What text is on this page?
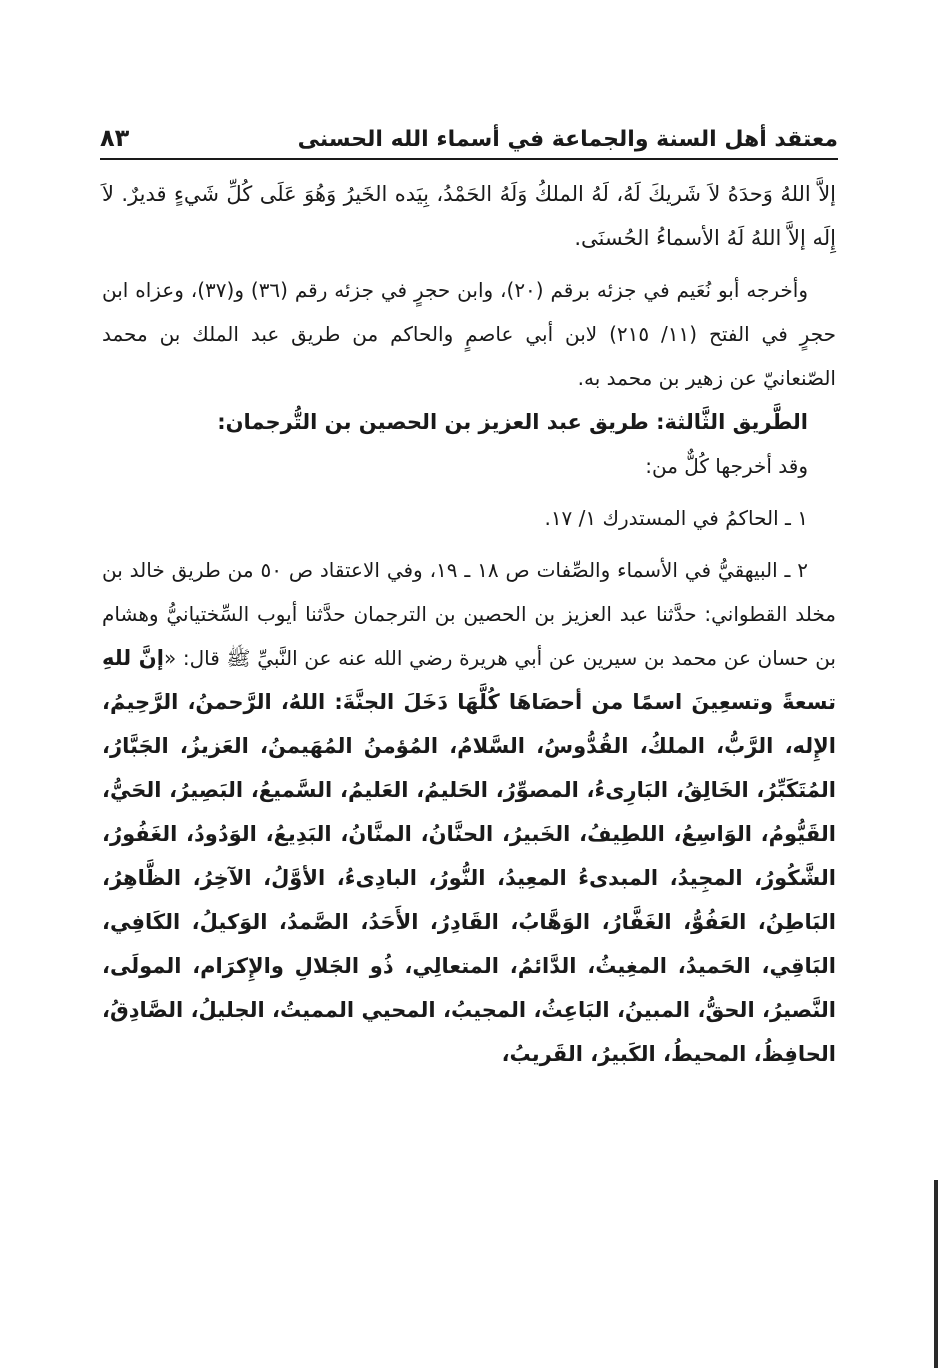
معتقد أهل السنة والجماعة في أسماء الله الحسنى
٨٣

إلاَّ اللهُ وَحدَهُ لاَ شَريكَ لَهُ، لَهُ الملكُ وَلَهُ الحَمْدُ، بِيَده الخَيرُ وَهُوَ عَلَى كُلِّ شَيءٍ قديرٌ. لاَ إِلَه إلاَّ اللهُ لَهُ الأسماءُ الحُسنَى.

وأخرجه أبو نُعَيم في جزئه برقم (٢٠)، وابن حجرٍ في جزئه رقم (٣٦) و(٣٧)، وعزاه ابن حجرٍ في الفتح (١١/ ٢١٥) لابن أبي عاصمٍ والحاكم من طريق عبد الملك بن محمد الصّنعانيّ عن زهير بن محمد به.

الطَّريق الثَّالثة: طريق عبد العزيز بن الحصين بن التُّرجمان:

وقد أخرجها كُلٌّ من:

١ ـ الحاكمُ في المستدرك ١/ ١٧.

٢ ـ البيهقيُّ في الأسماء والصِّفات ص ١٨ ـ ١٩، وفي الاعتقاد ص ٥٠ من طريق خالد بن مخلد القطواني: حدَّثنا عبد العزيز بن الحصين بن الترجمان حدَّثنا أيوب السِّختيانيُّ وهشام بن حسان عن محمد بن سيرين عن أبي هريرة رضي الله عنه عن النَّبيِّ ﷺ قال: «إنَّ للهِ تسعةً وتسعِينَ اسمًا من أحصَاهَا كُلَّهَا دَخَلَ الجنَّةَ: اللهُ، الرَّحمنُ، الرَّحِيمُ، الإِله، الرَّبُّ، الملكُ، القُدُّوسُ، السَّلامُ، المُؤمنُ المُهَيمنُ، العَزيزُ، الجَبَّارُ، المُتَكَبِّرُ، الخَالِقُ، البَارِىءُ، المصوِّرُ، الحَليمُ، العَليمُ، السَّميعُ، البَصِيرُ، الحَيُّ، القَيُّومُ، الوَاسِعُ، اللطِيفُ، الخَبيرُ، الحنَّانُ، المنَّانُ، البَدِيعُ، الوَدُودُ، الغَفُورُ، الشَّكُورُ، المجِيدُ، المبدىءُ المعِيدُ، النُّورُ، البادِىءُ، الأوَّلُ، الآخِرُ، الظَّاهِرُ، البَاطِنُ، العَفُوُّ، الغَفَّارُ، الوَهَّابُ، القَادِرُ، الأَحَدُ، الصَّمدُ، الوَكيلُ، الكَافِي، البَاقِي، الحَميدُ، المغِيثُ، الدَّائمُ، المتعالِي، ذُو الجَلالِ والإِكرَام، المولَى، النَّصيرُ، الحقُّ، المبينُ، البَاعِثُ، المجيبُ، المحيي المميتُ، الجليلُ، الصَّادِقُ، الحافِظُ، المحيطُ، الكَبيرُ، القَريبُ،
